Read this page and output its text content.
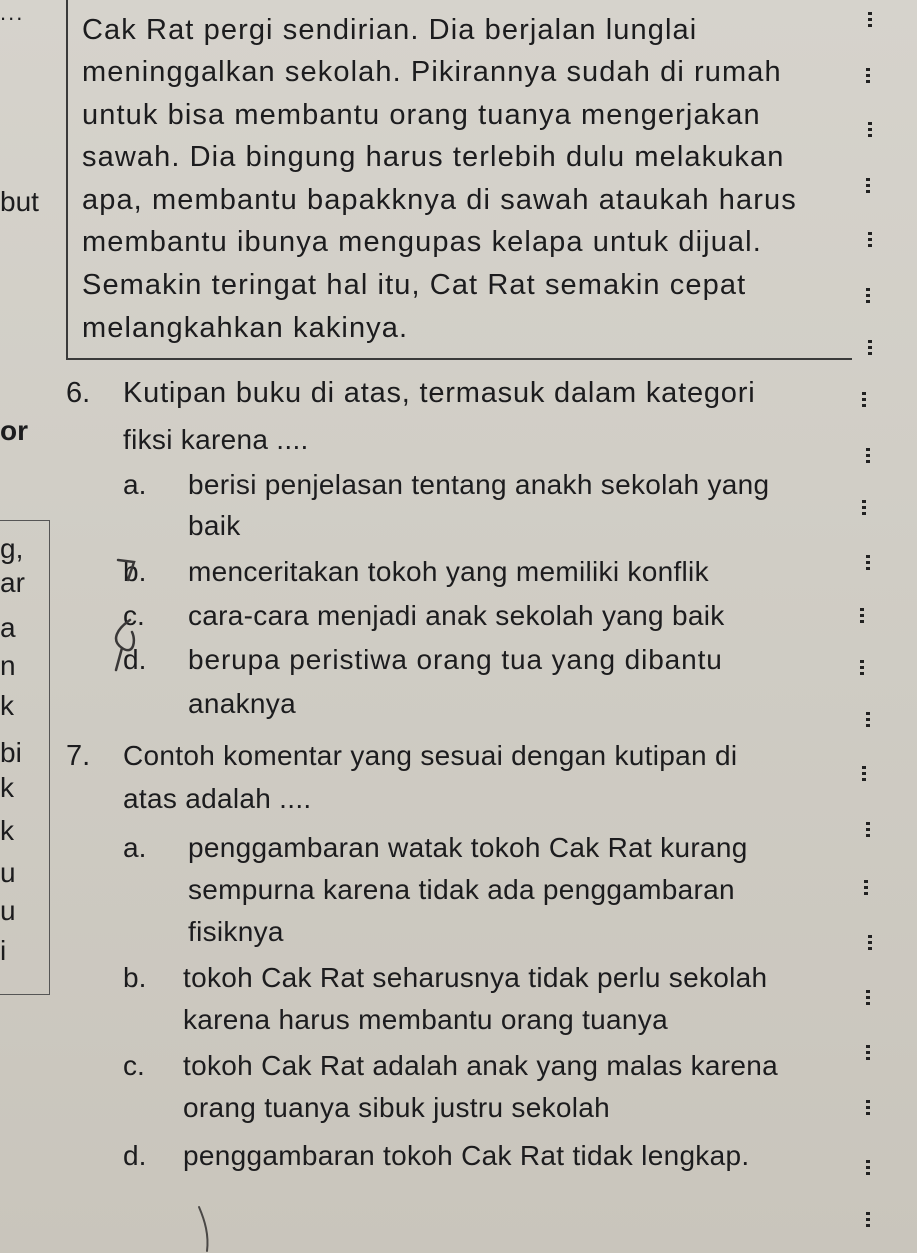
...
Cak Rat pergi sendirian. Dia berjalan lunglai
meninggalkan sekolah. Pikirannya sudah di rumah
untuk bisa membantu orang tuanya mengerjakan
sawah. Dia bingung harus terlebih dulu melakukan
apa, membantu bapakknya di sawah ataukah harus
membantu ibunya mengupas kelapa untuk dijual.
Semakin teringat hal itu, Cat Rat semakin cepat
melangkahkan kakinya.
but
or
g,
ar
a
n
k
bi
k
k
u
u
i
6. Kutipan buku di atas, termasuk dalam kategori
fiksi karena ....
a. berisi penjelasan tentang anakh sekolah yang
baik
b. menceritakan tokoh yang memiliki konflik
c. cara-cara menjadi anak sekolah yang baik
d. berupa peristiwa orang tua yang dibantu
anaknya
7. Contoh komentar yang sesuai dengan kutipan di
atas adalah ....
a. penggambaran watak tokoh Cak Rat kurang
sempurna karena tidak ada penggambaran
fisiknya
b. tokoh Cak Rat seharusnya tidak perlu sekolah
karena harus membantu orang tuanya
c. tokoh Cak Rat adalah anak yang malas karena
orang tuanya sibuk justru sekolah
d. penggambaran tokoh Cak Rat tidak lengkap.
